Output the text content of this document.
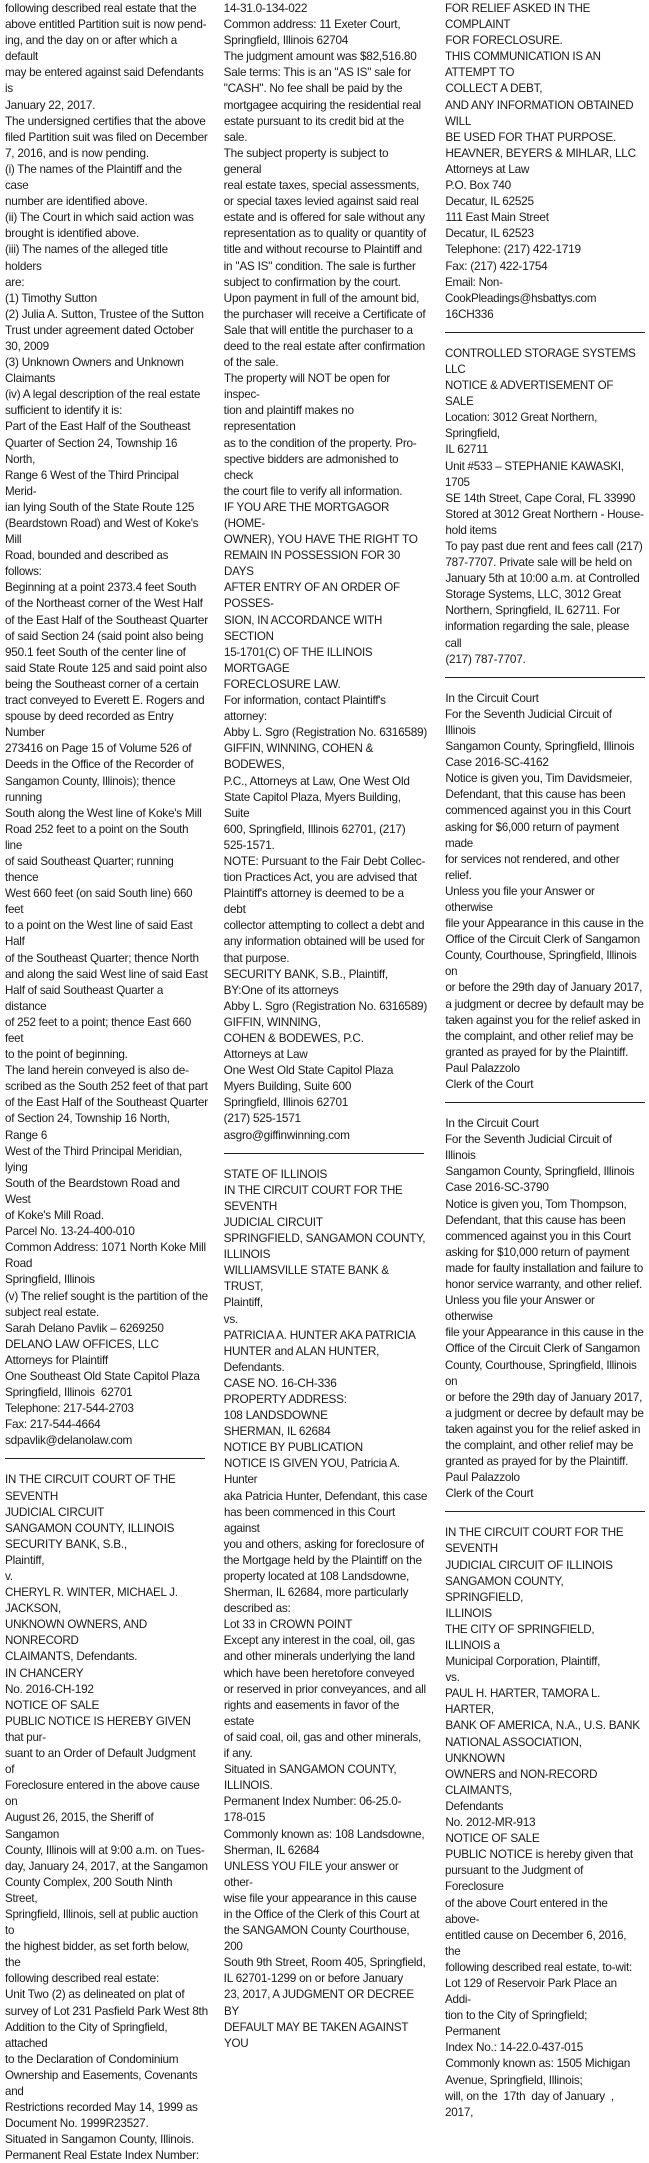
following described real estate that the
above entitled Partition suit is now pend-
ing, and the day on or after which a default
may be entered against said Defendants is
January 22, 2017.
The undersigned certifies that the above
filed Partition suit was filed on December
7, 2016, and is now pending.
(i) The names of the Plaintiff and the case
number are identified above.
(ii) The Court in which said action was
brought is identified above.
(iii) The names of the alleged title holders
are:
(1) Timothy Sutton
(2) Julia A. Sutton, Trustee of the Sutton
Trust under agreement dated October
30, 2009
(3) Unknown Owners and Unknown
Claimants
(iv) A legal description of the real estate
sufficient to identify it is:
Part of the East Half of the Southeast
Quarter of Section 24, Township 16 North,
Range 6 West of the Third Principal Merid-
ian lying South of the State Route 125
(Beardstown Road) and West of Koke's Mill
Road, bounded and described as follows:
Beginning at a point 2373.4 feet South
of the Northeast corner of the West Half
of the East Half of the Southeast Quarter
of said Section 24 (said point also being
950.1 feet South of the center line of
said State Route 125 and said point also
being the Southeast corner of a certain
tract conveyed to Everett E. Rogers and
spouse by deed recorded as Entry Number
273416 on Page 15 of Volume 526 of
Deeds in the Office of the Recorder of
Sangamon County, Illinois); thence running
South along the West line of Koke's Mill
Road 252 feet to a point on the South line
of said Southeast Quarter; running thence
West 660 feet (on said South line) 660 feet
to a point on the West line of said East Half
of the Southeast Quarter; thence North
and along the said West line of said East
Half of said Southeast Quarter a distance
of 252 feet to a point; thence East 660 feet
to the point of beginning.
The land herein conveyed is also de-
scribed as the South 252 feet of that part
of the East Half of the Southeast Quarter
of Section 24, Township 16 North, Range 6
West of the Third Principal Meridian, lying
South of the Beardstown Road and West
of Koke's Mill Road.
Parcel No. 13-24-400-010
Common Address: 1071 North Koke Mill
Road
Springfield, Illinois
(v) The relief sought is the partition of the
subject real estate.
Sarah Delano Pavlik – 6269250
DELANO LAW OFFICES, LLC
Attorneys for Plaintiff
One Southeast Old State Capitol Plaza
Springfield, Illinois  62701
Telephone: 217-544-2703
Fax: 217-544-4664
sdpavlik@delanolaw.com
IN THE CIRCUIT COURT OF THE SEVENTH
JUDICIAL CIRCUIT
SANGAMON COUNTY, ILLINOIS
SECURITY BANK, S.B.,
Plaintiff,
v.
CHERYL R. WINTER, MICHAEL J. JACKSON,
UNKNOWN OWNERS, AND NONRECORD
CLAIMANTS, Defendants.
IN CHANCERY
No. 2016-CH-192
NOTICE OF SALE
PUBLIC NOTICE IS HEREBY GIVEN that pur-
suant to an Order of Default Judgment of
Foreclosure entered in the above cause on
August 26, 2015, the Sheriff of Sangamon
County, Illinois will at 9:00 a.m. on Tues-
day, January 24, 2017, at the Sangamon
County Complex, 200 South Ninth Street,
Springfield, Illinois, sell at public auction to
the highest bidder, as set forth below, the
following described real estate:
Unit Two (2) as delineated on plat of
survey of Lot 231 Pasfield Park West 8th
Addition to the City of Springfield, attached
to the Declaration of Condominium
Ownership and Easements, Covenants and
Restrictions recorded May 14, 1999 as
Document No. 1999R23527.
Situated in Sangamon County, Illinois.
Permanent Real Estate Index Number:
14-31.0-134-022
Common address: 11 Exeter Court,
Springfield, Illinois 62704
The judgment amount was $82,516.80
Sale terms: This is an "AS IS" sale for
"CASH". No fee shall be paid by the
mortgagee acquiring the residential real
estate pursuant to its credit bid at the sale.
The subject property is subject to general
real estate taxes, special assessments,
or special taxes levied against said real
estate and is offered for sale without any
representation as to quality or quantity of
title and without recourse to Plaintiff and
in "AS IS" condition. The sale is further
subject to confirmation by the court.
Upon payment in full of the amount bid,
the purchaser will receive a Certificate of
Sale that will entitle the purchaser to a
deed to the real estate after confirmation
of the sale.
The property will NOT be open for inspec-
tion and plaintiff makes no representation
as to the condition of the property. Pro-
spective bidders are admonished to check
the court file to verify all information.
IF YOU ARE THE MORTGAGOR (HOME-
OWNER), YOU HAVE THE RIGHT TO
REMAIN IN POSSESSION FOR 30 DAYS
AFTER ENTRY OF AN ORDER OF POSSES-
SION, IN ACCORDANCE WITH SECTION
15-1701(C) OF THE ILLINOIS MORTGAGE
FORECLOSURE LAW.
For information, contact Plaintiff's attorney:
Abby L. Sgro (Registration No. 6316589)
GIFFIN, WINNING, COHEN & BODEWES,
P.C., Attorneys at Law, One West Old
State Capitol Plaza, Myers Building, Suite
600, Springfield, Illinois 62701, (217)
525-1571.
NOTE: Pursuant to the Fair Debt Collec-
tion Practices Act, you are advised that
Plaintiff's attorney is deemed to be a debt
collector attempting to collect a debt and
any information obtained will be used for
that purpose.
SECURITY BANK, S.B., Plaintiff,
BY:One of its attorneys
Abby L. Sgro (Registration No. 6316589)
GIFFIN, WINNING,
COHEN & BODEWES, P.C.
Attorneys at Law
One West Old State Capitol Plaza
Myers Building, Suite 600
Springfield, Illinois 62701
(217) 525-1571
asgro@giffinwinning.com
STATE OF ILLINOIS
IN THE CIRCUIT COURT FOR THE SEVENTH
JUDICIAL CIRCUIT
SPRINGFIELD, SANGAMON COUNTY,
ILLINOIS
WILLIAMSVILLE STATE BANK & TRUST,
Plaintiff,
vs.
PATRICIA A. HUNTER AKA PATRICIA
HUNTER and ALAN HUNTER,
Defendants.
CASE NO. 16-CH-336
PROPERTY ADDRESS:
108 LANDSDOWNE
SHERMAN, IL 62684
NOTICE BY PUBLICATION
NOTICE IS GIVEN YOU, Patricia A. Hunter
aka Patricia Hunter, Defendant, this case
has been commenced in this Court against
you and others, asking for foreclosure of
the Mortgage held by the Plaintiff on the
property located at 108 Landsdowne,
Sherman, IL 62684, more particularly
described as:
Lot 33 in CROWN POINT
Except any interest in the coal, oil, gas
and other minerals underlying the land
which have been heretofore conveyed
or reserved in prior conveyances, and all
rights and easements in favor of the estate
of said coal, oil, gas and other minerals,
if any.
Situated in SANGAMON COUNTY, ILLINOIS.
Permanent Index Number: 06-25.0-
178-015
Commonly known as: 108 Landsdowne,
Sherman, IL 62684
UNLESS YOU FILE your answer or other-
wise file your appearance in this cause
in the Office of the Clerk of this Court at
the SANGAMON County Courthouse, 200
South 9th Street, Room 405, Springfield,
IL 62701-1299 on or before January
23, 2017, A JUDGMENT OR DECREE BY
DEFAULT MAY BE TAKEN AGAINST YOU
FOR RELIEF ASKED IN THE COMPLAINT
FOR FORECLOSURE.
THIS COMMUNICATION IS AN ATTEMPT TO
COLLECT A DEBT,
AND ANY INFORMATION OBTAINED WILL
BE USED FOR THAT PURPOSE.
HEAVNER, BEYERS & MIHLAR, LLC
Attorneys at Law
P.O. Box 740
Decatur, IL 62525
111 East Main Street
Decatur, IL 62523
Telephone: (217) 422-1719
Fax: (217) 422-1754
Email: Non-CookPleadings@hsbattys.com
16CH336
CONTROLLED STORAGE SYSTEMS LLC
NOTICE & ADVERTISEMENT OF SALE
Location: 3012 Great Northern, Springfield,
IL 62711
Unit #533 – STEPHANIE KAWASKI, 1705
SE 14th Street, Cape Coral, FL 33990
Stored at 3012 Great Northern - House-
hold items
To pay past due rent and fees call (217)
787-7707. Private sale will be held on
January 5th at 10:00 a.m. at Controlled
Storage Systems, LLC, 3012 Great
Northern, Springfield, IL 62711. For
information regarding the sale, please call
(217) 787-7707.
In the Circuit Court
For the Seventh Judicial Circuit of Illinois
Sangamon County, Springfield, Illinois
Case 2016-SC-4162
Notice is given you, Tim Davidsmeier,
Defendant, that this cause has been
commenced against you in this Court
asking for $6,000 return of payment made
for services not rendered, and other relief.
Unless you file your Answer or otherwise
file your Appearance in this cause in the
Office of the Circuit Clerk of Sangamon
County, Courthouse, Springfield, Illinois on
or before the 29th day of January 2017,
a judgment or decree by default may be
taken against you for the relief asked in
the complaint, and other relief may be
granted as prayed for by the Plaintiff.
Paul Palazzolo
Clerk of the Court
In the Circuit Court
For the Seventh Judicial Circuit of Illinois
Sangamon County, Springfield, Illinois
Case 2016-SC-3790
Notice is given you, Tom Thompson,
Defendant, that this cause has been
commenced against you in this Court
asking for $10,000 return of payment
made for faulty installation and failure to
honor service warranty, and other relief.
Unless you file your Answer or otherwise
file your Appearance in this cause in the
Office of the Circuit Clerk of Sangamon
County, Courthouse, Springfield, Illinois on
or before the 29th day of January 2017,
a judgment or decree by default may be
taken against you for the relief asked in
the complaint, and other relief may be
granted as prayed for by the Plaintiff.
Paul Palazzolo
Clerk of the Court
IN THE CIRCUIT COURT FOR THE SEVENTH
JUDICIAL CIRCUIT OF ILLINOIS
SANGAMON COUNTY, SPRINGFIELD,
ILLINOIS
THE CITY OF SPRINGFIELD, ILLINOIS a
Municipal Corporation, Plaintiff,
vs.
PAUL H. HARTER, TAMORA L. HARTER,
BANK OF AMERICA, N.A., U.S. BANK
NATIONAL ASSOCIATION, UNKNOWN
OWNERS and NON-RECORD CLAIMANTS,
Defendants
No. 2012-MR-913
NOTICE OF SALE
PUBLIC NOTICE is hereby given that
pursuant to the Judgment of Foreclosure
of the above Court entered in the above-
entitled cause on December 6, 2016, the
following described real estate, to-wit:
Lot 129 of Reservoir Park Place an Addi-
tion to the City of Springfield; Permanent
Index No.: 14-22.0-437-015
Commonly known as: 1505 Michigan
Avenue, Springfield, Illinois;
will, on the  17th  day of January  , 2017,
